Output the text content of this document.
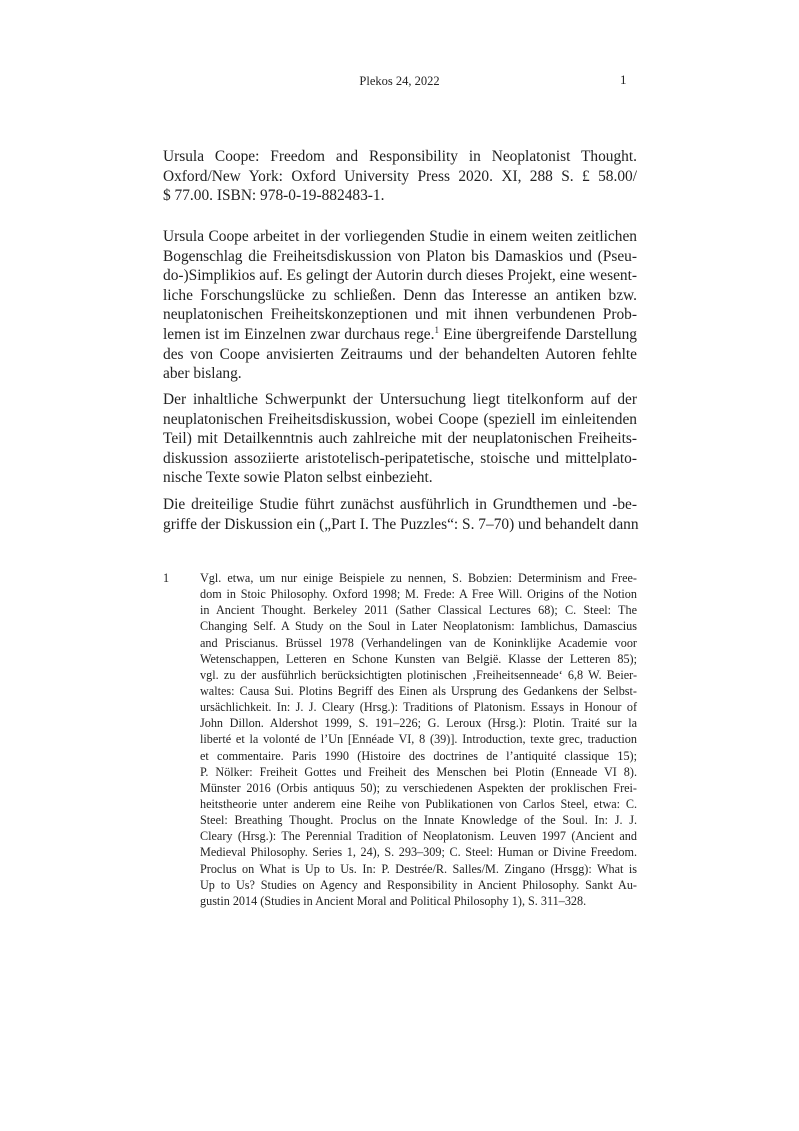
Plekos 24, 2022	1
Ursula Coope: Freedom and Responsibility in Neoplatonist Thought.
Oxford/New York: Oxford University Press 2020. XI, 288 S. £ 58.00/
$ 77.00. ISBN: 978-0-19-882483-1.
Ursula Coope arbeitet in der vorliegenden Studie in einem weiten zeitlichen
Bogenschlag die Freiheitsdiskussion von Platon bis Damaskios und (Pseu-
do-)Simplikios auf. Es gelingt der Autorin durch dieses Projekt, eine wesent-
liche Forschungslücke zu schließen. Denn das Interesse an antiken bzw.
neuplatonischen Freiheitskonzeptionen und mit ihnen verbundenen Prob-
lemen ist im Einzelnen zwar durchaus rege.$^1$ Eine übergreifende Darstellung
des von Coope anvisierten Zeitraums und der behandelten Autoren fehlte
aber bislang.
Der inhaltliche Schwerpunkt der Untersuchung liegt titelkonform auf der
neuplatonischen Freiheitsdiskussion, wobei Coope (speziell im einleitenden
Teil) mit Detailkenntnis auch zahlreiche mit der neuplatonischen Freiheits-
diskussion assoziierte aristotelisch-peripatetische, stoische und mittelplato-
nische Texte sowie Platon selbst einbezieht.
Die dreiteilige Studie führt zunächst ausführlich in Grundthemen und -be-
griffe der Diskussion ein („Part I. The Puzzles“: S. 7–70) und behandelt dann
1	Vgl. etwa, um nur einige Beispiele zu nennen, S. Bobzien: Determinism and Free-
dom in Stoic Philosophy. Oxford 1998; M. Frede: A Free Will. Origins of the Notion
in Ancient Thought. Berkeley 2011 (Sather Classical Lectures 68); C. Steel: The
Changing Self. A Study on the Soul in Later Neoplatonism: Iamblichus, Damascius
and Priscianus. Brüssel 1978 (Verhandelingen van de Koninklijke Academie voor
Wetenschappen, Letteren en Schone Kunsten van België. Klasse der Letteren 85);
vgl. zu der ausführlich berücksichtigten plotinischen ‚Freiheitsenneade‘ 6,8 W. Beier-
waltes: Causa Sui. Plotins Begriff des Einen als Ursprung des Gedankens der Selbst-
ursächlichkeit. In: J. J. Cleary (Hrsg.): Traditions of Platonism. Essays in Honour of
John Dillon. Aldershot 1999, S. 191–226; G. Leroux (Hrsg.): Plotin. Traité sur la
liberté et la volonté de l’Un [Ennéade VI, 8 (39)]. Introduction, texte grec, traduction
et commentaire. Paris 1990 (Histoire des doctrines de l’antiquité classique 15);
P. Nölker: Freiheit Gottes und Freiheit des Menschen bei Plotin (Enneade VI 8).
Münster 2016 (Orbis antiquus 50); zu verschiedenen Aspekten der proklischen Frei-
heitstheorie unter anderem eine Reihe von Publikationen von Carlos Steel, etwa: C.
Steel: Breathing Thought. Proclus on the Innate Knowledge of the Soul. In: J. J.
Cleary (Hrsg.): The Perennial Tradition of Neoplatonism. Leuven 1997 (Ancient and
Medieval Philosophy. Series 1, 24), S. 293–309; C. Steel: Human or Divine Freedom.
Proclus on What is Up to Us. In: P. Destrée/R. Salles/M. Zingano (Hrsgg): What is
Up to Us? Studies on Agency and Responsibility in Ancient Philosophy. Sankt Au-
gustin 2014 (Studies in Ancient Moral and Political Philosophy 1), S. 311–328.
